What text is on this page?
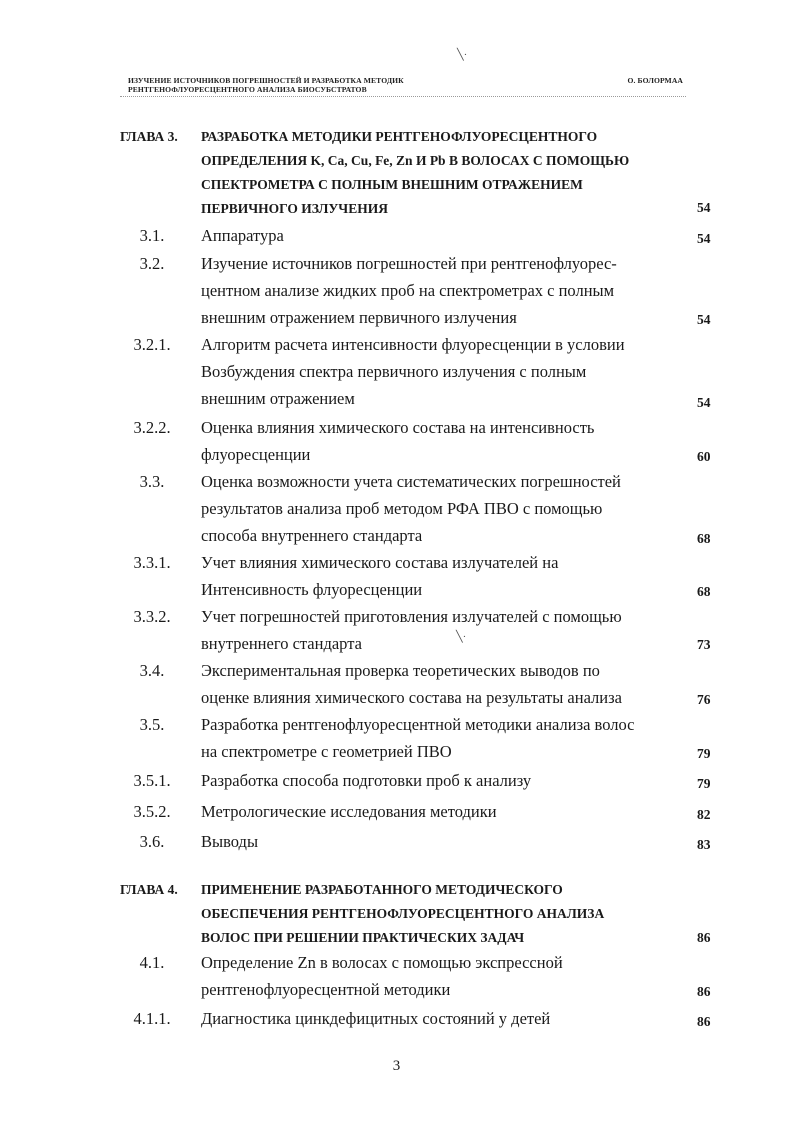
╲·
╲·
ИЗУЧЕНИЕ ИСТОЧНИКОВ ПОГРЕШНОСТЕЙ И РАЗРАБОТКА МЕТОДИК
РЕНТГЕНОФЛУОРЕСЦЕНТНОГО АНАЛИЗА БИОСУБСТРАТОВ
О. БОЛОРМАА
ГЛАВА 3.	РАЗРАБОТКА МЕТОДИКИ РЕНТГЕНОФЛУОРЕСЦЕНТНОГО
ОПРЕДЕЛЕНИЯ K, Ca, Cu, Fe, Zn И Pb В ВОЛОСАХ С ПОМОЩЬЮ
СПЕКТРОМЕТРА С ПОЛНЫМ ВНЕШНИМ ОТРАЖЕНИЕМ
ПЕРВИЧНОГО ИЗЛУЧЕНИЯ	54
3.1.	Аппаратура	54
3.2.	Изучение источников погрешностей при рентгенофлуорес-
центном анализе жидких проб на спектрометрах с полным
внешним отражением первичного излучения	54
3.2.1.	Алгоритм расчета интенсивности флуоресценции в условии
Возбуждения спектра первичного излучения с полным
внешним отражением	54
3.2.2.	Оценка влияния химического состава на интенсивность
флуоресценции	60
3.3.	Оценка возможности учета систематических погрешностей
результатов анализа проб методом РФА ПВО с помощью
способа внутреннего стандарта	68
3.3.1.	Учет влияния химического состава излучателей на
Интенсивность флуоресценции	68
3.3.2.	Учет погрешностей приготовления излучателей с помощью
внутреннего стандарта	73
3.4.	Экспериментальная проверка теоретических выводов по
оценке влияния химического состава на результаты анализа	76
3.5.	Разработка рентгенофлуоресцентной методики анализа волос
на спектрометре с геометрией ПВО	79
3.5.1.	Разработка способа подготовки проб к анализу	79
3.5.2.	Метрологические исследования методики	82
3.6.	Выводы	83
ГЛАВА 4.	ПРИМЕНЕНИЕ РАЗРАБОТАННОГО МЕТОДИЧЕСКОГО
ОБЕСПЕЧЕНИЯ РЕНТГЕНОФЛУОРЕСЦЕНТНОГО АНАЛИЗА
ВОЛОС ПРИ РЕШЕНИИ ПРАКТИЧЕСКИХ ЗАДАЧ	86
4.1.	Определение Zn в волосах с помощью экспрессной
рентгенофлуоресцентной методики	86
4.1.1.	Диагностика цинкдефицитных состояний у детей	86
3
